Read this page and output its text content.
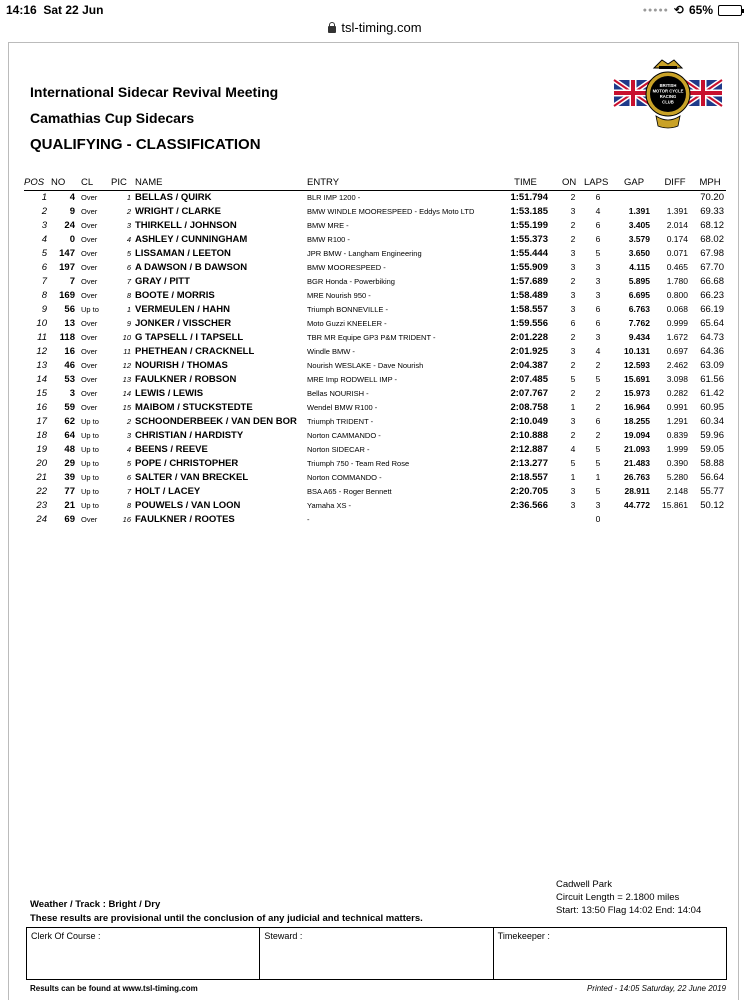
14:16 Sat 22 Jun	●●●●● ⟲ 65%
tsl-timing.com
International Sidecar Revival Meeting
Camathias Cup Sidecars
QUALIFYING - CLASSIFICATION
BRITISH
MOTOR CYCLE
RACING
CLUB
POS	NO	CL	PIC	NAME	ENTRY	TIME	ON	LAPS	GAP	DIFF	MPH
1	4	Over	1	BELLAS / QUIRK	BLR IMP 1200 -	1:51.794	2	6			70.20
2	9	Over	2	WRIGHT / CLARKE	BMW WINDLE MOORESPEED - Eddys Moto LTD	1:53.185	3	4	1.391	1.391	69.33
3	24	Over	3	THIRKELL / JOHNSON	BMW MRE -	1:55.199	2	6	3.405	2.014	68.12
4	0	Over	4	ASHLEY / CUNNINGHAM	BMW R100 -	1:55.373	2	6	3.579	0.174	68.02
5	147	Over	5	LISSAMAN / LEETON	JPR BMW - Langham Engineering	1:55.444	3	5	3.650	0.071	67.98
6	197	Over	6	A DAWSON / B DAWSON	BMW MOORESPEED -	1:55.909	3	3	4.115	0.465	67.70
7	7	Over	7	GRAY / PITT	BGR Honda - Powerbiking	1:57.689	2	3	5.895	1.780	66.68
8	169	Over	8	BOOTE / MORRIS	MRE Nourish 950 -	1:58.489	3	3	6.695	0.800	66.23
9	56	Up to	1	VERMEULEN / HAHN	Triumph BONNEVILLE -	1:58.557	3	6	6.763	0.068	66.19
10	13	Over	9	JONKER / VISSCHER	Moto Guzzi KNEELER -	1:59.556	6	6	7.762	0.999	65.64
11	118	Over	10	G TAPSELL / I TAPSELL	TBR MR Equipe GP3 P&M TRIDENT -	2:01.228	2	3	9.434	1.672	64.73
12	16	Over	11	PHETHEAN / CRACKNELL	Windle BMW -	2:01.925	3	4	10.131	0.697	64.36
13	46	Over	12	NOURISH / THOMAS	Nourish WESLAKE - Dave Nourish	2:04.387	2	2	12.593	2.462	63.09
14	53	Over	13	FAULKNER / ROBSON	MRE Imp RODWELL IMP -	2:07.485	5	5	15.691	3.098	61.56
15	3	Over	14	LEWIS / LEWIS	Bellas NOURISH -	2:07.767	2	2	15.973	0.282	61.42
16	59	Over	15	MAIBOM / STUCKSTEDTE	Wendel BMW R100 -	2:08.758	1	2	16.964	0.991	60.95
17	62	Up to	2	SCHOONDERBEEK / VAN DEN BOR	Triumph TRIDENT -	2:10.049	3	6	18.255	1.291	60.34
18	64	Up to	3	CHRISTIAN / HARDISTY	Norton CAMMANDO -	2:10.888	2	2	19.094	0.839	59.96
19	48	Up to	4	BEENS / REEVE	Norton SIDECAR -	2:12.887	4	5	21.093	1.999	59.05
20	29	Up to	5	POPE / CHRISTOPHER	Triumph 750 - Team Red Rose	2:13.277	5	5	21.483	0.390	58.88
21	39	Up to	6	SALTER / VAN BRECKEL	Norton COMMANDO -	2:18.557	1	1	26.763	5.280	56.64
22	77	Up to	7	HOLT / LACEY	BSA A65 - Roger Bennett	2:20.705	3	5	28.911	2.148	55.77
23	21	Up to	8	POUWELS / VAN LOON	Yamaha XS -	2:36.566	3	3	44.772	15.861	50.12
24	69	Over	16	FAULKNER / ROOTES	-			0			
Cadwell Park
Circuit Length = 2.1800 miles
Start: 13:50 Flag 14:02 End: 14:04
Weather / Track : Bright / Dry
These results are provisional until the conclusion of any judicial and technical matters.
Clerk Of Course :	Steward :	Timekeeper :
Results can be found at www.tsl-timing.com	Printed - 14:05 Saturday, 22 June 2019
